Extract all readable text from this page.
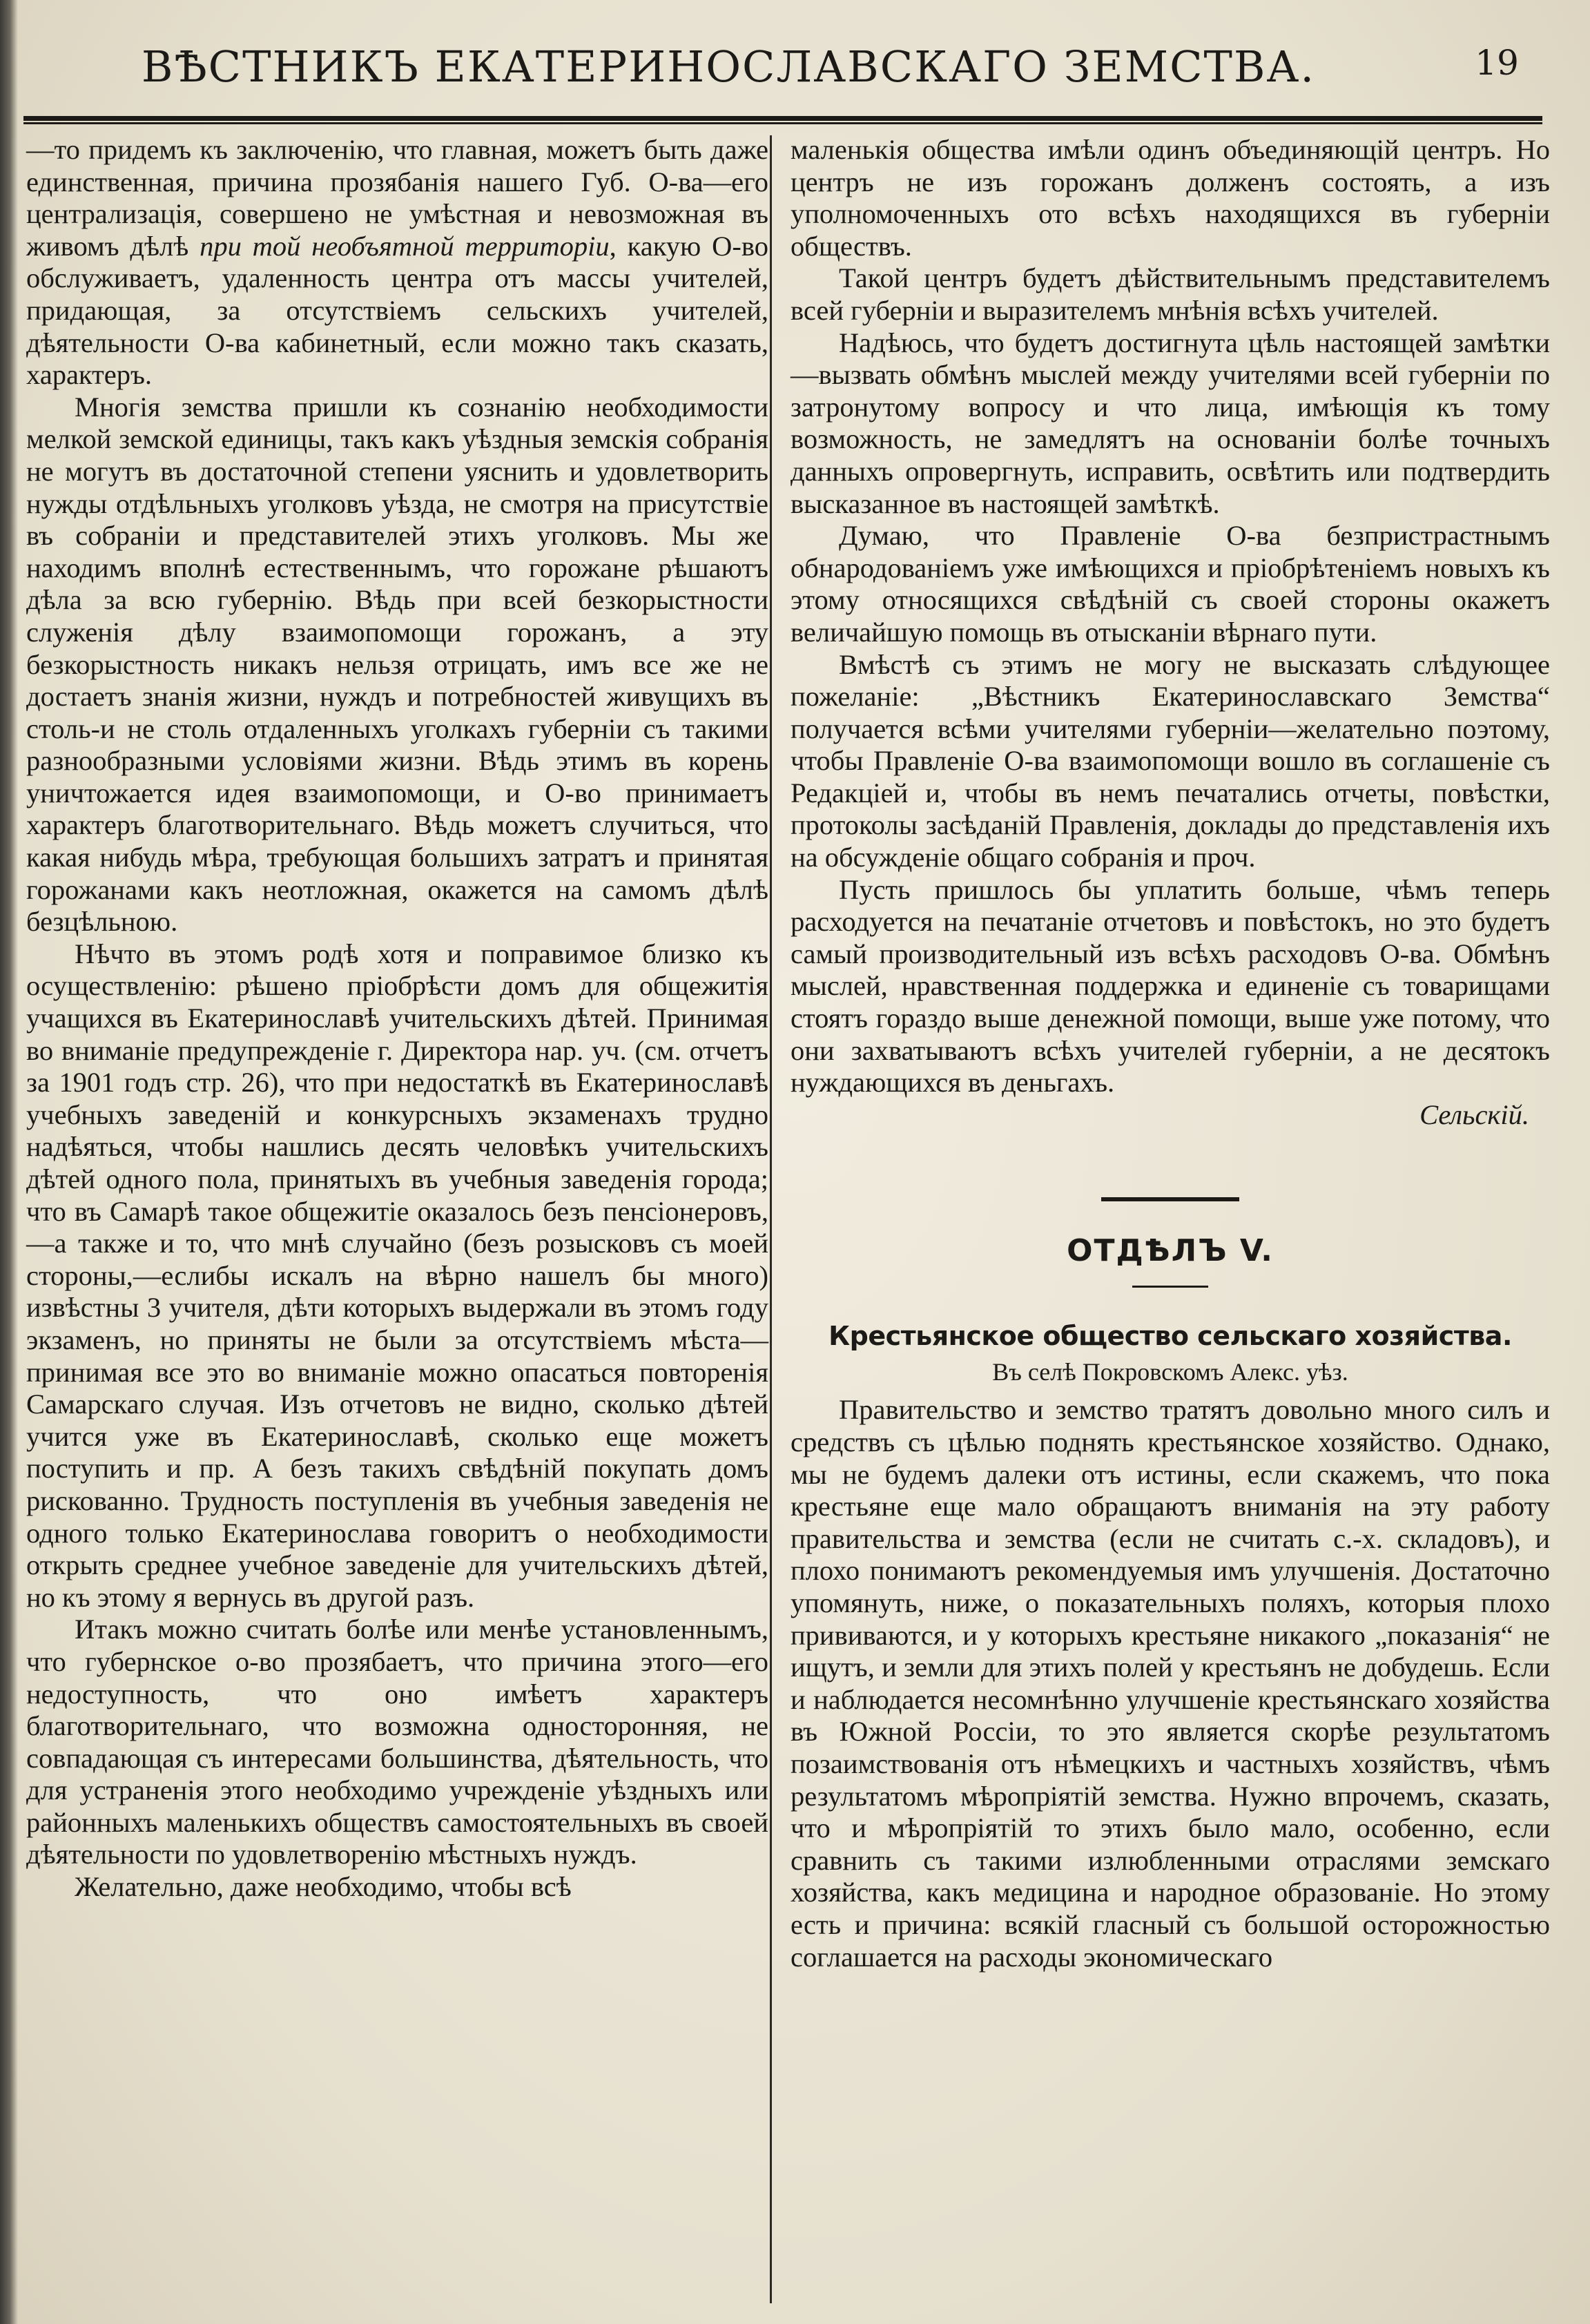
ВѢСТНИКЪ ЕКАТЕРИНОСЛАВСКАГО ЗЕМСТВА.	19

—то придемъ къ заключенію, что главная, можетъ быть даже единственная, причина прозябанія нашего Губ. О-ва—его централизація, совершено не умѣстная и невозможная въ живомъ дѣлѣ при той необъятной территоріи, какую О-во обслуживаетъ, удаленность центра отъ массы учителей, придающая, за отсутствіемъ сельскихъ учителей, дѣятельности О-ва кабинетный, если можно такъ сказать, характеръ.

Многія земства пришли къ сознанію необходимости мелкой земской единицы, такъ какъ уѣздныя земскія собранія не могутъ въ достаточной степени уяснить и удовлетворить нужды отдѣльныхъ уголковъ уѣзда, не смотря на присутствіе въ собраніи и представителей этихъ уголковъ. Мы же находимъ вполнѣ естественнымъ, что горожане рѣшаютъ дѣла за всю губернію. Вѣдь при всей безкорыстности служенія дѣлу взаимопомощи горожанъ, а эту безкорыстность никакъ нельзя отрицать, имъ все же не достаетъ знанія жизни, нуждъ и потребностей живущихъ въ столь-и не столь отдаленныхъ уголкахъ губерніи съ такими разнообразными условіями жизни. Вѣдь этимъ въ корень уничтожается идея взаимопомощи, и О-во принимаетъ характеръ благотворительнаго. Вѣдь можетъ случиться, что какая нибудь мѣра, требующая большихъ затратъ и принятая горожанами какъ неотложная, окажется на самомъ дѣлѣ безцѣльною.

Нѣчто въ этомъ родѣ хотя и поправимое близко къ осуществленію: рѣшено пріобрѣсти домъ для общежитія учащихся въ Екатеринославѣ учительскихъ дѣтей. Принимая во вниманіе предупрежденіе г. Директора нар. уч. (см. отчетъ за 1901 годъ стр. 26), что при недостаткѣ въ Екатеринославѣ учебныхъ заведеній и конкурсныхъ экзаменахъ трудно надѣяться, чтобы нашлись десять человѣкъ учительскихъ дѣтей одного пола, принятыхъ въ учебныя заведенія города; что въ Самарѣ такое общежитіе оказалось безъ пенсіонеровъ,—а также и то, что мнѣ случайно (безъ розысковъ съ моей стороны,—еслибы искалъ на вѣрно нашелъ бы много) извѣстны 3 учителя, дѣти которыхъ выдержали въ этомъ году экзаменъ, но приняты не были за отсутствіемъ мѣста—принимая все это во вниманіе можно опасаться повторенія Самарскаго случая. Изъ отчетовъ не видно, сколько дѣтей учится уже въ Екатеринославѣ, сколько еще можетъ поступить и пр. А безъ такихъ свѣдѣній покупать домъ рискованно. Трудность поступленія въ учебныя заведенія не одного только Екатеринослава говоритъ о необходимости открыть среднее учебное заведеніе для учительскихъ дѣтей, но къ этому я вернусь въ другой разъ.

Итакъ можно считать болѣе или менѣе установленнымъ, что губернское о-во прозябаетъ, что причина этого—его недоступность, что оно имѣетъ характеръ благотворительнаго, что возможна односторонняя, не совпадающая съ интересами большинства, дѣятельность, что для устраненія этого необходимо учрежденіе уѣздныхъ или районныхъ маленькихъ обществъ самостоятельныхъ въ своей дѣятельности по удовлетворенію мѣстныхъ нуждъ.

Желательно, даже необходимо, чтобы всѣ

маленькія общества имѣли одинъ объединяющій центръ. Но центръ не изъ горожанъ долженъ состоять, а изъ уполномоченныхъ ото всѣхъ находящихся въ губерніи обществъ.

Такой центръ будетъ дѣйствительнымъ представителемъ всей губерніи и выразителемъ мнѣнія всѣхъ учителей.

Надѣюсь, что будетъ достигнута цѣль настоящей замѣтки—вызвать обмѣнъ мыслей между учителями всей губерніи по затронутому вопросу и что лица, имѣющія къ тому возможность, не замедлятъ на основаніи болѣе точныхъ данныхъ опровергнуть, исправить, освѣтить или подтвердить высказанное въ настоящей замѣткѣ.

Думаю, что Правленіе О-ва безпристрастнымъ обнародованіемъ уже имѣющихся и пріобрѣтеніемъ новыхъ къ этому относящихся свѣдѣній съ своей стороны окажетъ величайшую помощь въ отысканіи вѣрнаго пути.

Вмѣстѣ съ этимъ не могу не высказать слѣдующее пожеланіе: „Вѣстникъ Екатеринославскаго Земства“ получается всѣми учителями губерніи—желательно поэтому, чтобы Правленіе О-ва взаимопомощи вошло въ соглашеніе съ Редакціей и, чтобы въ немъ печатались отчеты, повѣстки, протоколы засѣданій Правленія, доклады до представленія ихъ на обсужденіе общаго собранія и проч.

Пусть пришлось бы уплатить больше, чѣмъ теперь расходуется на печатаніе отчетовъ и повѣстокъ, но это будетъ самый производительный изъ всѣхъ расходовъ О-ва. Обмѣнъ мыслей, нравственная поддержка и единеніе съ товарищами стоятъ гораздо выше денежной помощи, выше уже потому, что они захватываютъ всѣхъ учителей губерніи, а не десятокъ нуждающихся въ деньгахъ.

Сельскій.

ОТДѢЛЪ V.
Крестьянское общество сельскаго хозяйства.
Въ селѣ Покровскомъ Алекс. уѣз.

Правительство и земство тратятъ довольно много силъ и средствъ съ цѣлью поднять крестьянское хозяйство. Однако, мы не будемъ далеки отъ истины, если скажемъ, что пока крестьяне еще мало обращаютъ вниманія на эту работу правительства и земства (если не считать с.-х. складовъ), и плохо понимаютъ рекомендуемыя имъ улучшенія. Достаточно упомянуть, ниже, о показательныхъ поляхъ, которыя плохо прививаются, и у которыхъ крестьяне никакого „показанія“ не ищутъ, и земли для этихъ полей у крестьянъ не добудешь. Если и наблюдается несомнѣнно улучшеніе крестьянскаго хозяйства въ Южной Россіи, то это является скорѣе результатомъ позаимствованія отъ нѣмецкихъ и частныхъ хозяйствъ, чѣмъ результатомъ мѣропріятій земства. Нужно впрочемъ, сказать, что и мѣропріятій то этихъ было мало, особенно, если сравнить съ такими излюбленными отраслями земскаго хозяйства, какъ медицина и народное образованіе. Но этому есть и причина: всякій гласный съ большой осторожностью соглашается на расходы экономическаго
